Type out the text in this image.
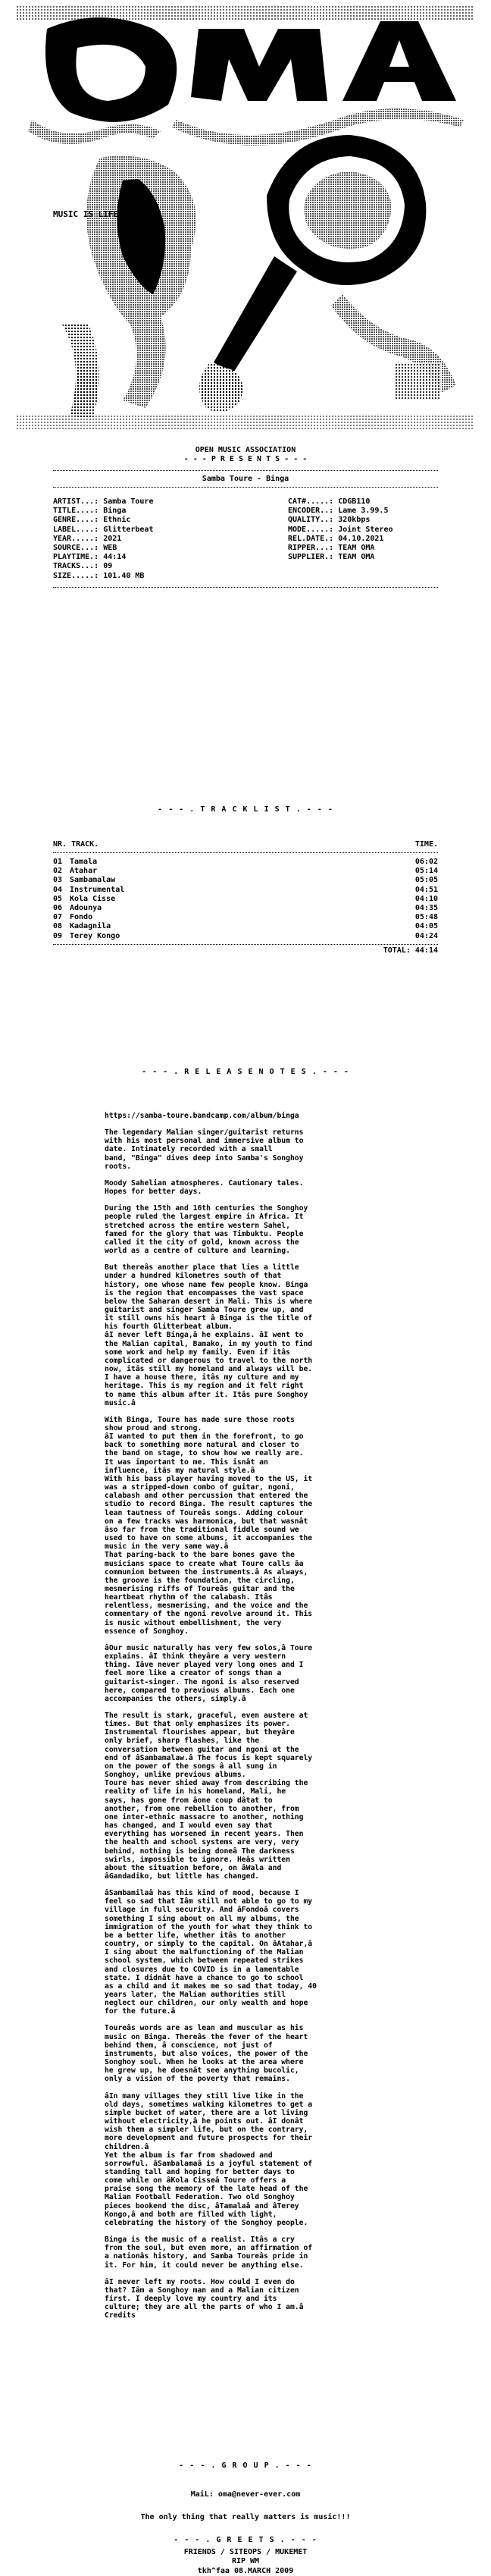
MUSIC IS LIFE!!!
OPEN MUSIC ASSOCIATION
- - - P R E S E N T S - - -
Samba Toure - Binga
ARTIST...: Samba Toure
TITLE....: Binga
GENRE....: Ethnic
LABEL....: Glitterbeat
YEAR.....: 2021
SOURCE...: WEB
PLAYTIME.: 44:14
TRACKS...: 09
SIZE.....: 101.40 MB
CAT#.....: CDGB110
ENCODER..: Lame 3.99.5
QUALITY..: 320kbps
MODE.....: Joint Stereo
REL.DATE.: 04.10.2021
RIPPER...: TEAM OMA
SUPPLIER.: TEAM OMA
- - - . T R A C K L I S T . - - -
NR. TRACK.	TIME.
01 Tamala	06:02
02 Atahar	05:14
03 Sambamalaw	05:05
04 Instrumental	04:51
05 Kola Cisse	04:10
06 Adounya	04:35
07 Fondo	05:48
08 Kadagnila	04:05
09 Terey Kongo	04:24
TOTAL: 44:14
- - - . R E L E A S E N O T E S . - - -

https://samba-toure.bandcamp.com/album/binga

The legendary Malian singer/guitarist returns
with his most personal and immersive album to
date. Intimately recorded with a small
band, "Binga" dives deep into Samba's Songhoy
roots.

Moody Sahelian atmospheres. Cautionary tales.
Hopes for better days.

During the 15th and 16th centuries the Songhoy
people ruled the largest empire in Africa. It
stretched across the entire western Sahel,
famed for the glory that was Timbuktu. People
called it the city of gold, known across the
world as a centre of culture and learning.

But thereâs another place that lies a little
under a hundred kilometres south of that
history, one whose name few people know. Binga
is the region that encompasses the vast space
below the Saharan desert in Mali. This is where
guitarist and singer Samba Toure grew up, and
it still owns his heart â Binga is the title of
his fourth Glitterbeat album.
âI never left Binga,â he explains. âI went to
the Malian capital, Bamako, in my youth to find
some work and help my family. Even if itâs
complicated or dangerous to travel to the north
now, itâs still my homeland and always will be.
I have a house there, itâs my culture and my
heritage. This is my region and it felt right
to name this album after it. Itâs pure Songhoy
music.â

With Binga, Toure has made sure those roots
show proud and strong.
âI wanted to put them in the forefront, to go
back to something more natural and closer to
the band on stage, to show how we really are.
It was important to me. This isnât an
influence, itâs my natural style.â
With his bass player having moved to the US, it
was a stripped-down combo of guitar, ngoni,
calabash and other percussion that entered the
studio to record Binga. The result captures the
lean tautness of Toureâs songs. Adding colour
on a few tracks was harmonica, but that wasnât
âso far from the traditional fiddle sound we
used to have on some albums, it accompanies the
music in the very same way.â
That paring-back to the bare bones gave the
musicians space to create what Toure calls âa
communion between the instruments.â As always,
the groove is the foundation, the circling,
mesmerising riffs of Toureâs guitar and the
heartbeat rhythm of the calabash. Itâs
relentless, mesmerising, and the voice and the
commentary of the ngoni revolve around it. This
is music without embellishment, the very
essence of Songhoy.

âOur music naturally has very few solos,â Toure
explains. âI think theyâre a very western
thing. Iâve never played very long ones and I
feel more like a creator of songs than a
guitarist-singer. The ngoni is also reserved
here, compared to previous albums. Each one
accompanies the others, simply.â

The result is stark, graceful, even austere at
times. But that only emphasizes its power.
Instrumental flourishes appear, but theyâre
only brief, sharp flashes, like the
conversation between guitar and ngoni at the
end of âSambamalaw.â The focus is kept squarely
on the power of the songs â all sung in
Songhoy, unlike previous albums.
Toure has never shied away from describing the
reality of life in his homeland, Mali, he
says, has gone from âone coup dâtat to
another, from one rebellion to another, from
one inter-ethnic massacre to another, nothing
has changed, and I would even say that
everything has worsened in recent years. Then
the health and school systems are very, very
behind, nothing is being doneâ The darkness
swirls, impossible to ignore. Heâs written
about the situation before, on âWala and
âGandadiko, but little has changed.

âSambamilaâ has this kind of mood, because I
feel so sad that Iâm still not able to go to my
village in full security. And âFondoâ covers
something I sing about on all my albums, the
immigration of the youth for what they think to
be a better life, whether itâs to another
country, or simply to the capital. On âAtahar,â
I sing about the malfunctioning of the Malian
school system, which between repeated strikes
and closures due to COVID is in a lamentable
state. I didnât have a chance to go to school
as a child and it makes me so sad that today, 40
years later, the Malian authorities still
neglect our children, our only wealth and hope
for the future.â

Toureâs words are as lean and muscular as his
music on Binga. Thereâs the fever of the heart
behind them, â conscience, not just of
instruments, but also voices, the power of the
Songhoy soul. When he looks at the area where
he grew up, he doesnât see anything bucolic,
only a vision of the poverty that remains.

âIn many villages they still live like in the
old days, sometimes walking kilometres to get a
simple bucket of water, there are a lot living
without electricity,â he points out. âI donât
wish them a simpler life, but on the contrary,
more development and future prospects for their
children.â
Yet the album is far from shadowed and
sorrowful. âSambalamaâ is a joyful statement of
standing tall and hoping for better days to
come while on âKola Cisseâ Toure offers a
praise song the memory of the late head of the
Malian Football Federation. Two old Songhoy
pieces bookend the disc, âTamalaâ and âTerey
Kongo,â and both are filled with light,
celebrating the history of the Songhoy people.

Binga is the music of a realist. Itâs a cry
from the soul, but even more, an affirmation of
a nationâs history, and Samba Toureâs pride in
it. For him, it could never be anything else.

âI never left my roots. How could I even do
that? Iâm a Songhoy man and a Malian citizen
first. I deeply love my country and its
culture; they are all the parts of who I am.â
Credits

- - - . G R O U P . - - -
MaiL: oma@never-ever.com
The only thing that really matters is music!!!
- - - . G R E E T S . - - -
FRIENDS / SITEOPS / MUKEMET
RIP WM
tkh^faa 08.MARCH 2009
